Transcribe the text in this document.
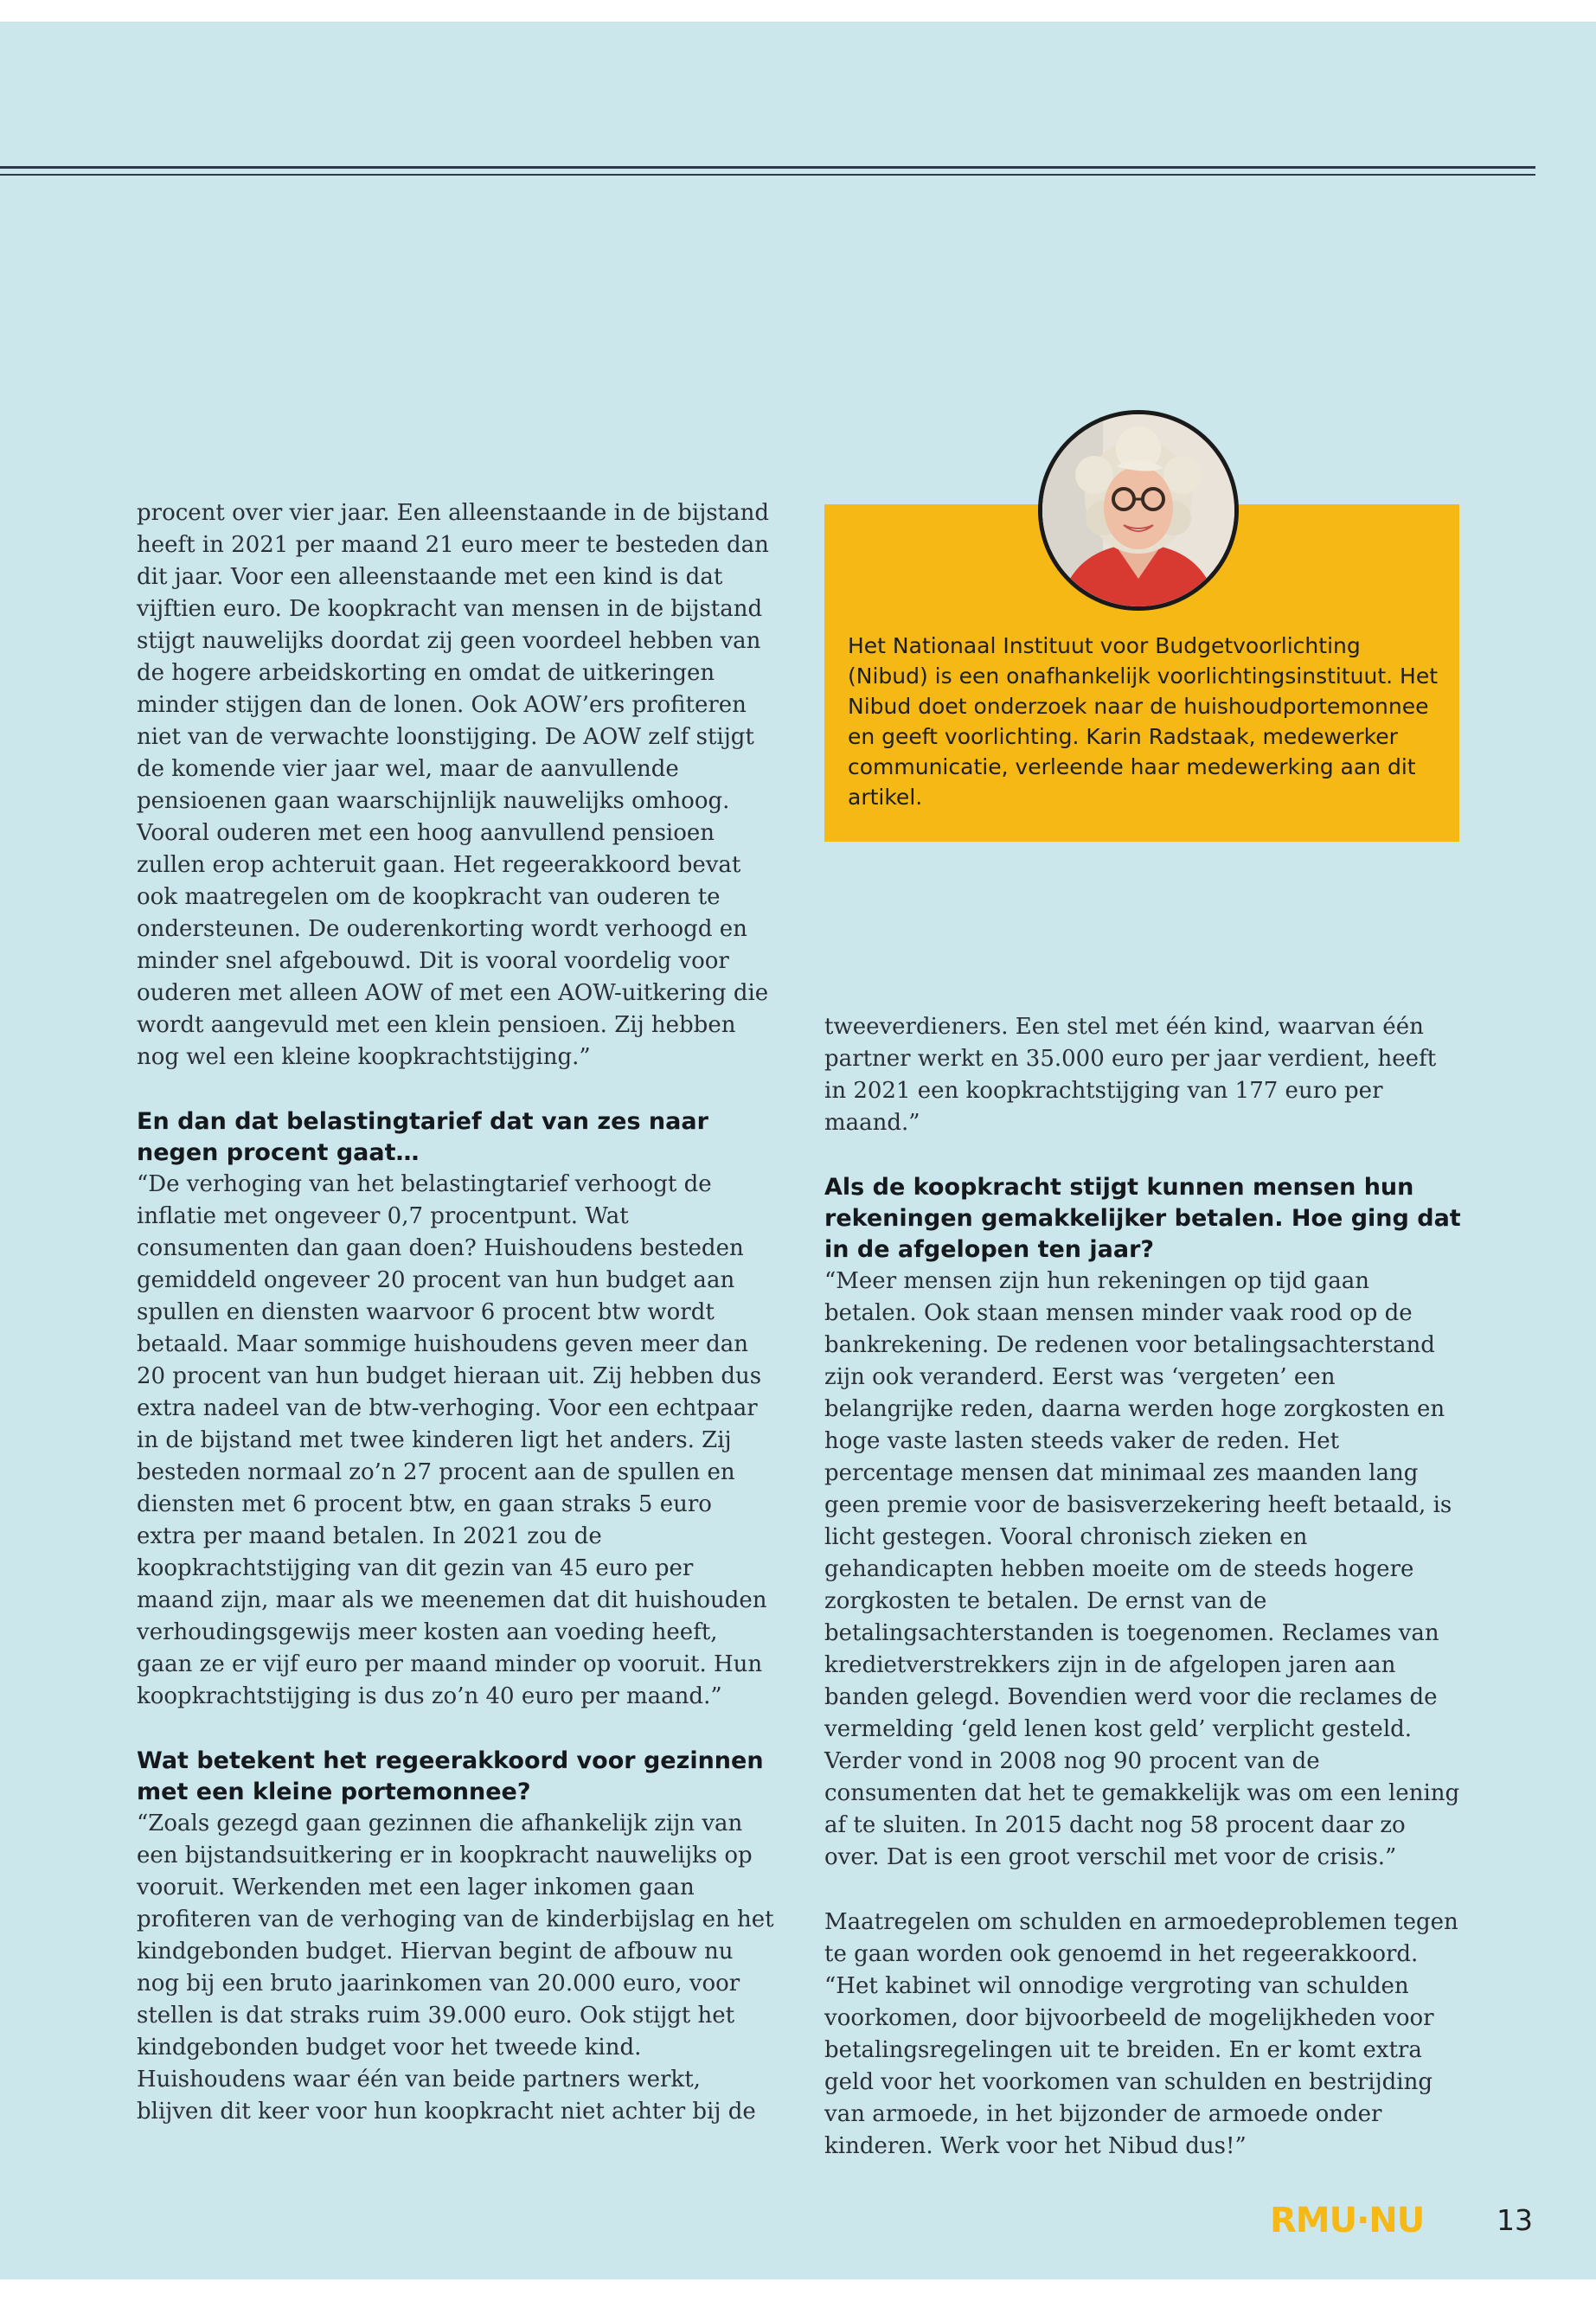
procent over vier jaar. Een alleenstaande in de bijstand heeft in 2021 per maand 21 euro meer te besteden dan dit jaar. Voor een alleenstaande met een kind is dat vijftien euro. De koopkracht van mensen in de bijstand stijgt nauwelijks doordat zij geen voordeel hebben van de hogere arbeidskorting en omdat de uitkeringen minder stijgen dan de lonen. Ook AOW’ers profiteren niet van de verwachte loonstijging. De AOW zelf stijgt de komende vier jaar wel, maar de aanvullende pensioenen gaan waarschijnlijk nauwelijks omhoog. Vooral ouderen met een hoog aanvullend pensioen zullen erop achteruit gaan. Het regeerakkoord bevat ook maatregelen om de koopkracht van ouderen te ondersteunen. De ouderenkorting wordt verhoogd en minder snel afgebouwd. Dit is vooral voordelig voor ouderen met alleen AOW of met een AOW-uitkering die wordt aangevuld met een klein pensioen. Zij hebben nog wel een kleine koopkrachtstijging.”

En dan dat belastingtarief dat van zes naar negen procent gaat…

“De verhoging van het belastingtarief verhoogt de inflatie met ongeveer 0,7 procentpunt. Wat consumenten dan gaan doen? Huishoudens besteden gemiddeld ongeveer 20 procent van hun budget aan spullen en diensten waarvoor 6 procent btw wordt betaald. Maar sommige huishoudens geven meer dan 20 procent van hun budget hieraan uit. Zij hebben dus extra nadeel van de btw-verhoging. Voor een echtpaar in de bijstand met twee kinderen ligt het anders. Zij besteden normaal zo’n 27 procent aan de spullen en diensten met 6 procent btw, en gaan straks 5 euro extra per maand betalen. In 2021 zou de koopkrachtstijging van dit gezin van 45 euro per maand zijn, maar als we meenemen dat dit huishouden verhoudingsgewijs meer kosten aan voeding heeft, gaan ze er vijf euro per maand minder op vooruit. Hun koopkrachtstijging is dus zo’n 40 euro per maand.”

Wat betekent het regeerakkoord voor gezinnen met een kleine portemonnee?

“Zoals gezegd gaan gezinnen die afhankelijk zijn van een bijstandsuitkering er in koopkracht nauwelijks op vooruit. Werkenden met een lager inkomen gaan profiteren van de verhoging van de kinderbijslag en het kindgebonden budget. Hiervan begint de afbouw nu nog bij een bruto jaarinkomen van 20.000 euro, voor stellen is dat straks ruim 39.000 euro. Ook stijgt het kindgebonden budget voor het tweede kind. Huishoudens waar één van beide partners werkt, blijven dit keer voor hun koopkracht niet achter bij de

Het Nationaal Instituut voor Budgetvoorlichting (Nibud) is een onafhankelijk voorlichtingsinstituut. Het Nibud doet onderzoek naar de huishoudportemonnee en geeft voorlichting. Karin Radstaak, medewerker communicatie, verleende haar medewerking aan dit artikel.

tweeverdieners. Een stel met één kind, waarvan één partner werkt en 35.000 euro per jaar verdient, heeft in 2021 een koopkrachtstijging van 177 euro per maand.”

Als de koopkracht stijgt kunnen mensen hun rekeningen gemakkelijker betalen. Hoe ging dat in de afgelopen ten jaar?

“Meer mensen zijn hun rekeningen op tijd gaan betalen. Ook staan mensen minder vaak rood op de bankrekening. De redenen voor betalingsachterstand zijn ook veranderd. Eerst was ‘vergeten’ een belangrijke reden, daarna werden hoge zorgkosten en hoge vaste lasten steeds vaker de reden. Het percentage mensen dat minimaal zes maanden lang geen premie voor de basisverzekering heeft betaald, is licht gestegen. Vooral chronisch zieken en gehandicapten hebben moeite om de steeds hogere zorgkosten te betalen. De ernst van de betalingsachterstanden is toegenomen. Reclames van kredietverstrekkers zijn in de afgelopen jaren aan banden gelegd. Bovendien werd voor die reclames de vermelding ‘geld lenen kost geld’ verplicht gesteld. Verder vond in 2008 nog 90 procent van de consumenten dat het te gemakkelijk was om een lening af te sluiten. In 2015 dacht nog 58 procent daar zo over. Dat is een groot verschil met voor de crisis.”

Maatregelen om schulden en armoedeproblemen tegen te gaan worden ook genoemd in het regeerakkoord. “Het kabinet wil onnodige vergroting van schulden voorkomen, door bijvoorbeeld de mogelijkheden voor betalingsregelingen uit te breiden. En er komt extra geld voor het voorkomen van schulden en bestrijding van armoede, in het bijzonder de armoede onder kinderen. Werk voor het Nibud dus!”

RMU·NU	13
